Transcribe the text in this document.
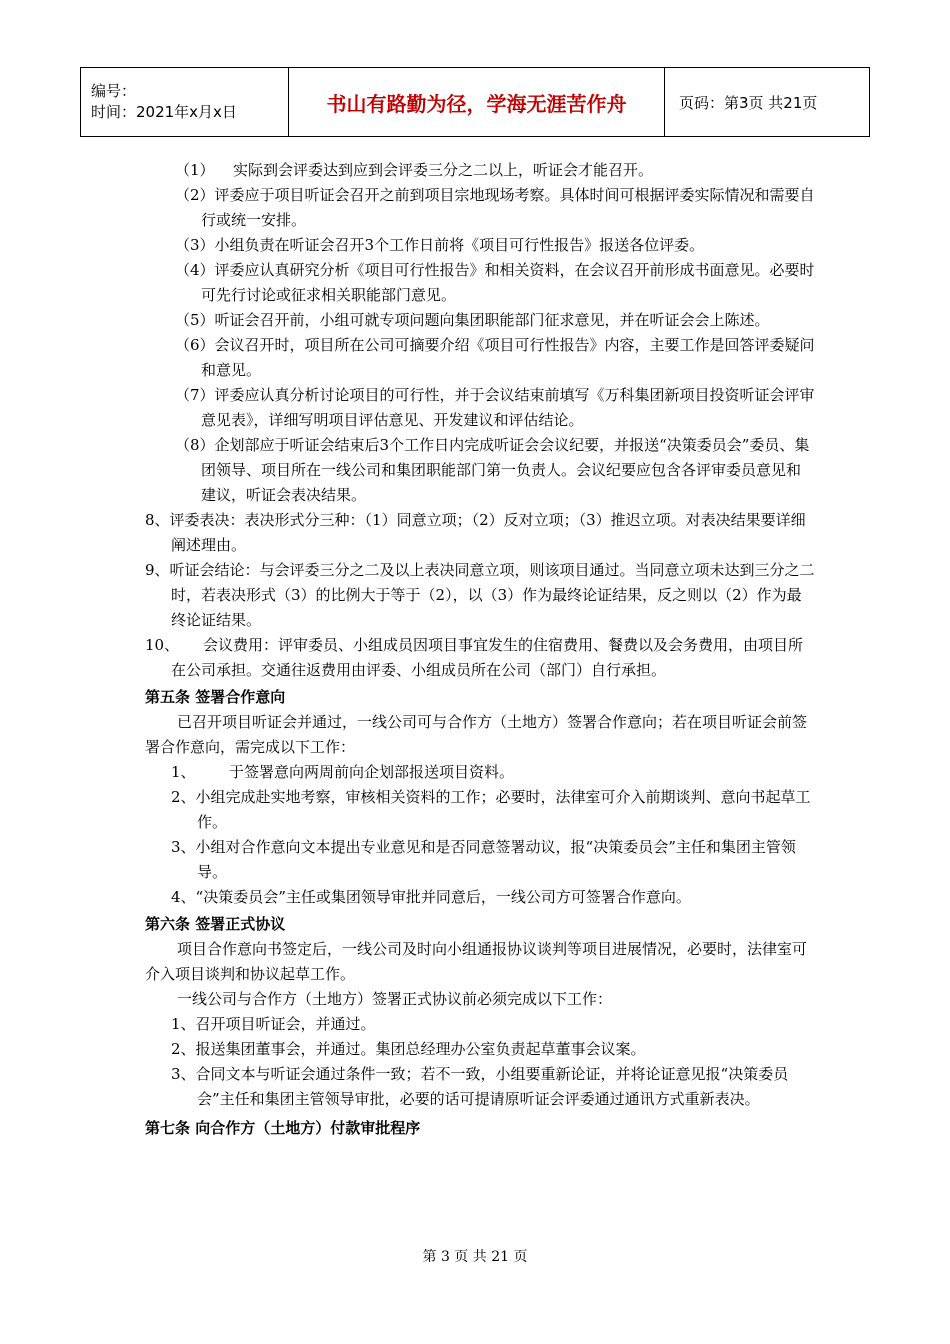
编号：
时间：2021年x月x日	书山有路勤为径，学海无涯苦作舟	页码：第3页 共21页

（1） 实际到会评委达到应到会评委三分之二以上，听证会才能召开。

（2）评委应于项目听证会召开之前到项目宗地现场考察。具体时间可根据评委实际情况和需要自行或统一安排。

（3）小组负责在听证会召开3个工作日前将《项目可行性报告》报送各位评委。

（4）评委应认真研究分析《项目可行性报告》和相关资料，在会议召开前形成书面意见。必要时可先行讨论或征求相关职能部门意见。

（5）听证会召开前，小组可就专项问题向集团职能部门征求意见，并在听证会会上陈述。

（6）会议召开时，项目所在公司可摘要介绍《项目可行性报告》内容，主要工作是回答评委疑问和意见。

（7）评委应认真分析讨论项目的可行性，并于会议结束前填写《万科集团新项目投资听证会评审意见表》，详细写明项目评估意见、开发建议和评估结论。

（8）企划部应于听证会结束后3个工作日内完成听证会会议纪要，并报送“决策委员会”委员、集团领导、项目所在一线公司和集团职能部门第一负责人。会议纪要应包含各评审委员意见和建议，听证会表决结果。

8、评委表决：表决形式分三种：（1）同意立项；（2）反对立项；（3）推迟立项。对表决结果要详细阐述理由。

9、听证会结论：与会评委三分之二及以上表决同意立项，则该项目通过。当同意立项未达到三分之二时，若表决形式（3）的比例大于等于（2），以（3）作为最终论证结果，反之则以（2）作为最终论证结果。

10、 会议费用：评审委员、小组成员因项目事宜发生的住宿费用、餐费以及会务费用，由项目所在公司承担。交通往返费用由评委、小组成员所在公司（部门）自行承担。

第五条 签署合作意向

已召开项目听证会并通过，一线公司可与合作方（土地方）签署合作意向；若在项目听证会前签署合作意向，需完成以下工作：

1、 于签署意向两周前向企划部报送项目资料。

2、小组完成赴实地考察，审核相关资料的工作；必要时，法律室可介入前期谈判、意向书起草工作。

3、小组对合作意向文本提出专业意见和是否同意签署动议，报“决策委员会”主任和集团主管领导。

4、“决策委员会”主任或集团领导审批并同意后，一线公司方可签署合作意向。

第六条 签署正式协议

项目合作意向书签定后，一线公司及时向小组通报协议谈判等项目进展情况，必要时，法律室可介入项目谈判和协议起草工作。

一线公司与合作方（土地方）签署正式协议前必须完成以下工作：

1、召开项目听证会，并通过。

2、报送集团董事会，并通过。集团总经理办公室负责起草董事会议案。

3、合同文本与听证会通过条件一致；若不一致，小组要重新论证，并将论证意见报“决策委员会”主任和集团主管领导审批，必要的话可提请原听证会评委通过通讯方式重新表决。

第七条 向合作方（土地方）付款审批程序

第 3 页 共 21 页
